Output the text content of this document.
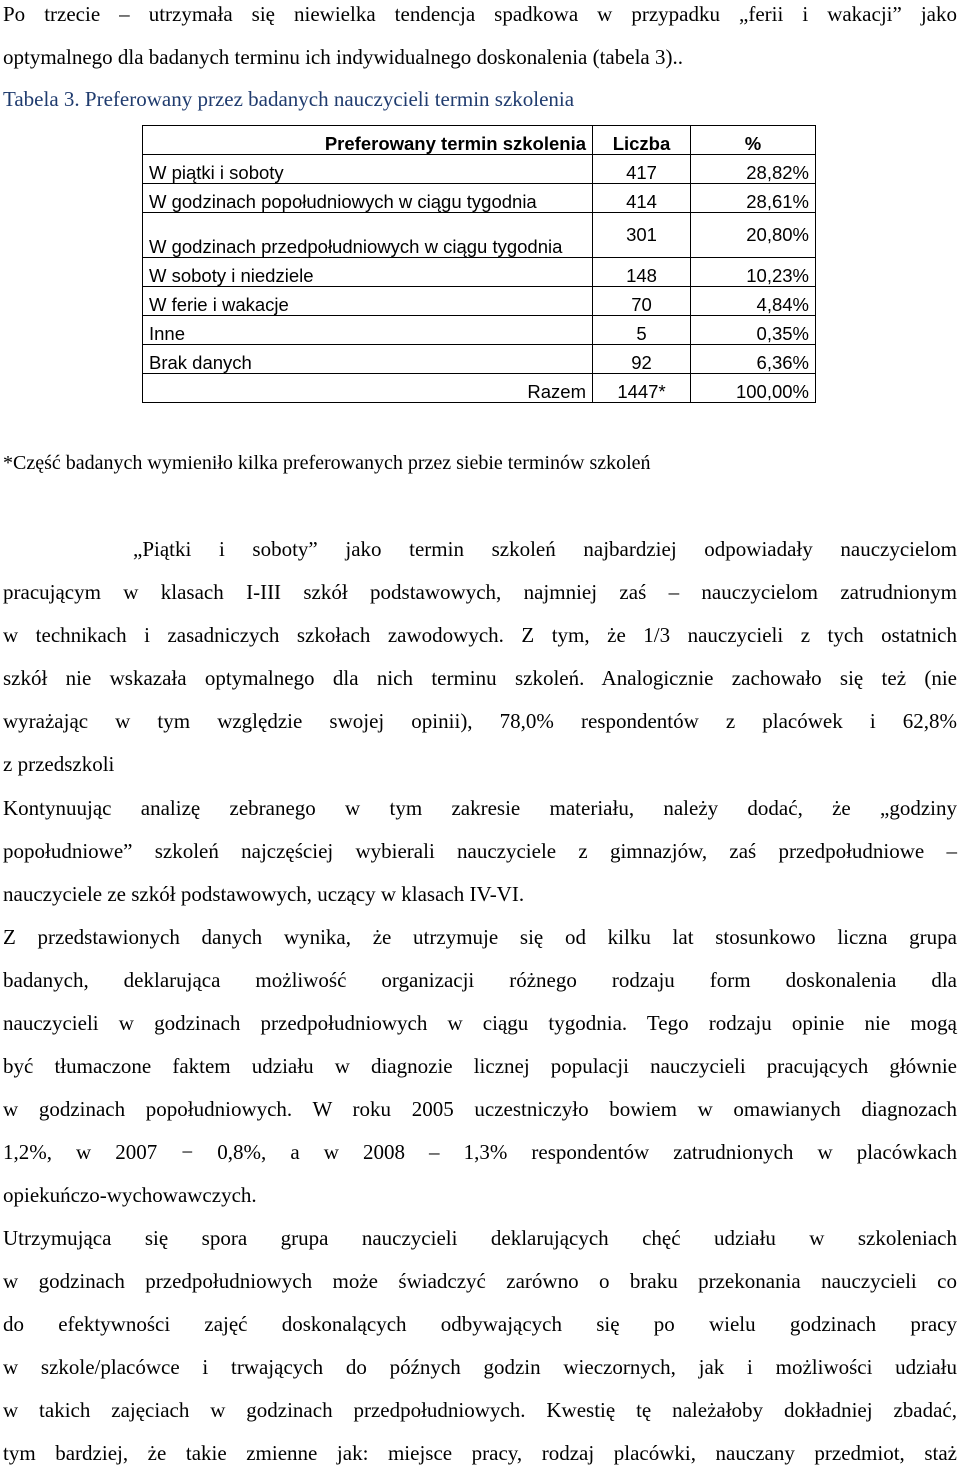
Po trzecie – utrzymała się niewielka tendencja spadkowa w przypadku „ferii i wakacji” jako

optymalnego dla badanych terminu ich indywidualnego doskonalenia (tabela 3)..

Tabela 3. Preferowany przez badanych nauczycieli termin szkolenia

Preferowany termin szkolenia	Liczba	%
W piątki i soboty	417	28,82%
W godzinach popołudniowych w ciągu tygodnia	414	28,61%
W godzinach przedpołudniowych w ciągu tygodnia	301	20,80%
W soboty i niedziele	148	10,23%
W ferie i wakacje	70	4,84%
Inne	5	0,35%
Brak danych	92	6,36%
Razem	1447*	100,00%

*Część badanych wymieniło kilka preferowanych przez siebie terminów szkoleń

„Piątki i soboty” jako termin szkoleń najbardziej odpowiadały nauczycielom

pracującym w klasach I-III szkół podstawowych, najmniej zaś – nauczycielom zatrudnionym

w technikach i zasadniczych szkołach zawodowych. Z tym, że 1/3 nauczycieli z tych ostatnich

szkół nie wskazała optymalnego dla nich terminu szkoleń. Analogicznie zachowało się też (nie

wyrażając w tym względzie swojej opinii), 78,0% respondentów z placówek i 62,8%

z przedszkoli

Kontynuując analizę zebranego w tym zakresie materiału, należy dodać, że „godziny

popołudniowe” szkoleń najczęściej wybierali nauczyciele z gimnazjów, zaś przedpołudniowe –

nauczyciele ze szkół podstawowych, uczący w klasach IV-VI.

Z przedstawionych danych wynika, że utrzymuje się od kilku lat stosunkowo liczna grupa

badanych, deklarująca możliwość organizacji różnego rodzaju form doskonalenia dla

nauczycieli w godzinach przedpołudniowych w ciągu tygodnia. Tego rodzaju opinie nie mogą

być tłumaczone faktem udziału w diagnozie licznej populacji nauczycieli pracujących głównie

w godzinach popołudniowych. W roku 2005 uczestniczyło bowiem w omawianych diagnozach

1,2%, w 2007 − 0,8%, a w 2008 – 1,3% respondentów zatrudnionych w placówkach

opiekuńczo-wychowawczych.

Utrzymująca się spora grupa nauczycieli deklarujących chęć udziału w szkoleniach

w godzinach przedpołudniowych może świadczyć zarówno o braku przekonania nauczycieli co

do efektywności zajęć doskonalących odbywających się po wielu godzinach pracy

w szkole/placówce i trwających do późnych godzin wieczornych, jak i możliwości udziału

w takich zajęciach w godzinach przedpołudniowych. Kwestię tę należałoby dokładniej zbadać,

tym bardziej, że takie zmienne jak: miejsce pracy, rodzaj placówki, nauczany przedmiot, staż
